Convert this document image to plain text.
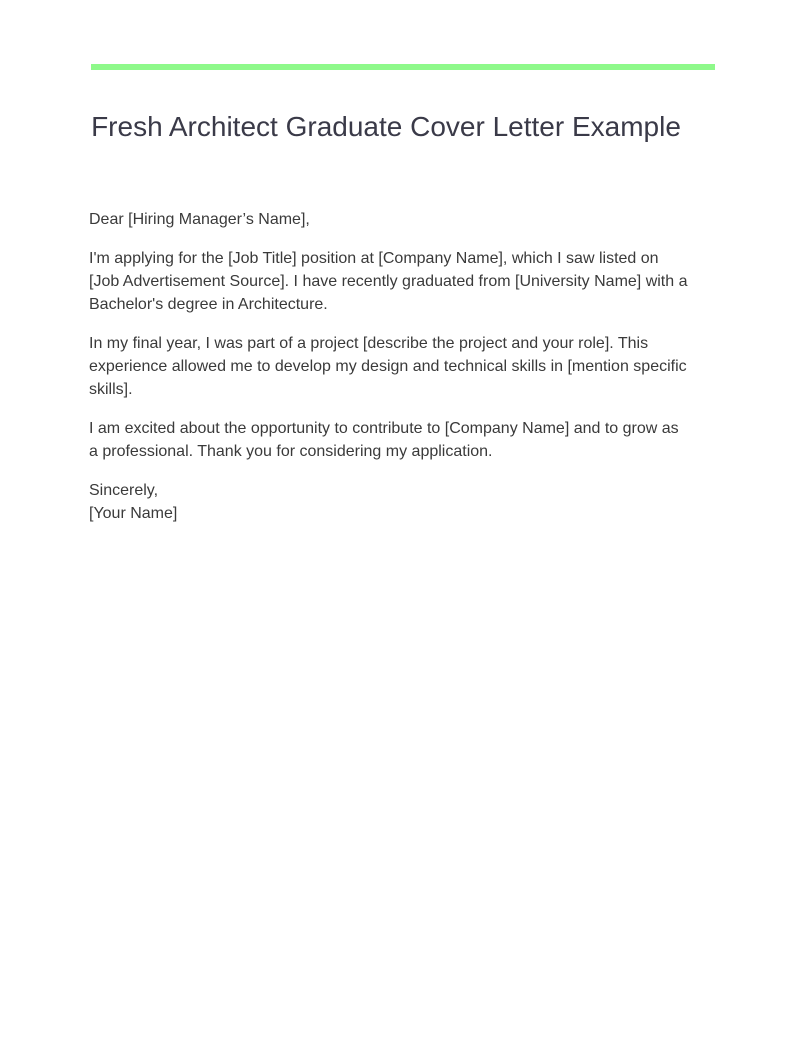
Fresh Architect Graduate Cover Letter Example

Dear [Hiring Manager’s Name],

I'm applying for the [Job Title] position at [Company Name], which I saw listed on [Job Advertisement Source]. I have recently graduated from [University Name] with a Bachelor's degree in Architecture.

In my final year, I was part of a project [describe the project and your role]. This experience allowed me to develop my design and technical skills in [mention specific skills].

I am excited about the opportunity to contribute to [Company Name] and to grow as a professional. Thank you for considering my application.

Sincerely,
[Your Name]
